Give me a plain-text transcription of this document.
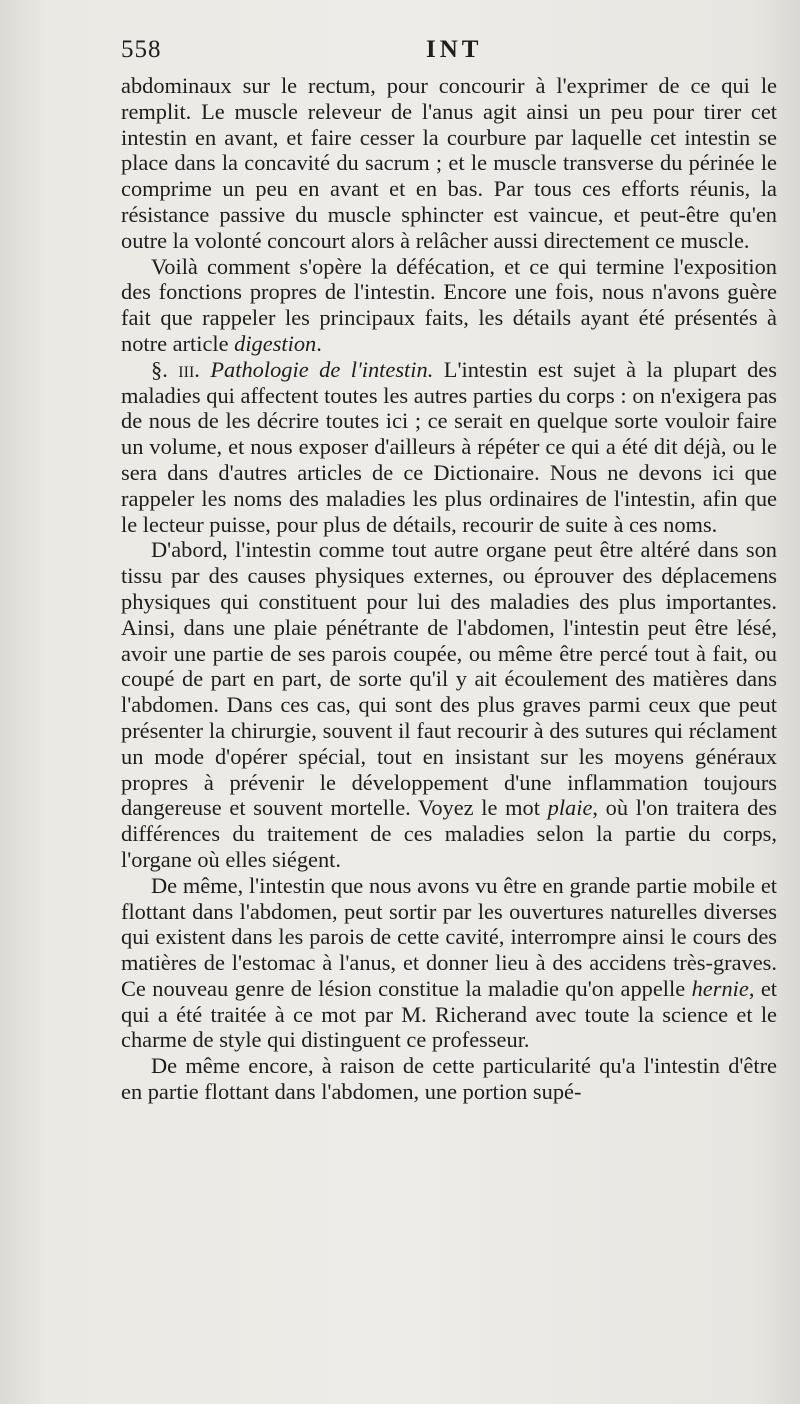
558	INT

abdominaux sur le rectum, pour concourir à l'exprimer de ce qui le remplit. Le muscle releveur de l'anus agit ainsi un peu pour tirer cet intestin en avant, et faire cesser la courbure par laquelle cet intestin se place dans la concavité du sacrum ; et le muscle transverse du périnée le comprime un peu en avant et en bas. Par tous ces efforts réunis, la résistance passive du muscle sphincter est vaincue, et peut-être qu'en outre la volonté concourt alors à relâcher aussi directement ce muscle.

Voilà comment s'opère la défécation, et ce qui termine l'exposition des fonctions propres de l'intestin. Encore une fois, nous n'avons guère fait que rappeler les principaux faits, les détails ayant été présentés à notre article digestion.

§. iii. Pathologie de l'intestin. L'intestin est sujet à la plupart des maladies qui affectent toutes les autres parties du corps : on n'exigera pas de nous de les décrire toutes ici ; ce serait en quelque sorte vouloir faire un volume, et nous exposer d'ailleurs à répéter ce qui a été dit déjà, ou le sera dans d'autres articles de ce Dictionaire. Nous ne devons ici que rappeler les noms des maladies les plus ordinaires de l'intestin, afin que le lecteur puisse, pour plus de détails, recourir de suite à ces noms.

D'abord, l'intestin comme tout autre organe peut être altéré dans son tissu par des causes physiques externes, ou éprouver des déplacemens physiques qui constituent pour lui des maladies des plus importantes. Ainsi, dans une plaie pénétrante de l'abdomen, l'intestin peut être lésé, avoir une partie de ses parois coupée, ou même être percé tout à fait, ou coupé de part en part, de sorte qu'il y ait écoulement des matières dans l'abdomen. Dans ces cas, qui sont des plus graves parmi ceux que peut présenter la chirurgie, souvent il faut recourir à des sutures qui réclament un mode d'opérer spécial, tout en insistant sur les moyens généraux propres à prévenir le développement d'une inflammation toujours dangereuse et souvent mortelle. Voyez le mot plaie, où l'on traitera des différences du traitement de ces maladies selon la partie du corps, l'organe où elles siégent.

De même, l'intestin que nous avons vu être en grande partie mobile et flottant dans l'abdomen, peut sortir par les ouvertures naturelles diverses qui existent dans les parois de cette cavité, interrompre ainsi le cours des matières de l'estomac à l'anus, et donner lieu à des accidens très-graves. Ce nouveau genre de lésion constitue la maladie qu'on appelle hernie, et qui a été traitée à ce mot par M. Richerand avec toute la science et le charme de style qui distinguent ce professeur.

De même encore, à raison de cette particularité qu'a l'intestin d'être en partie flottant dans l'abdomen, une portion supé-
